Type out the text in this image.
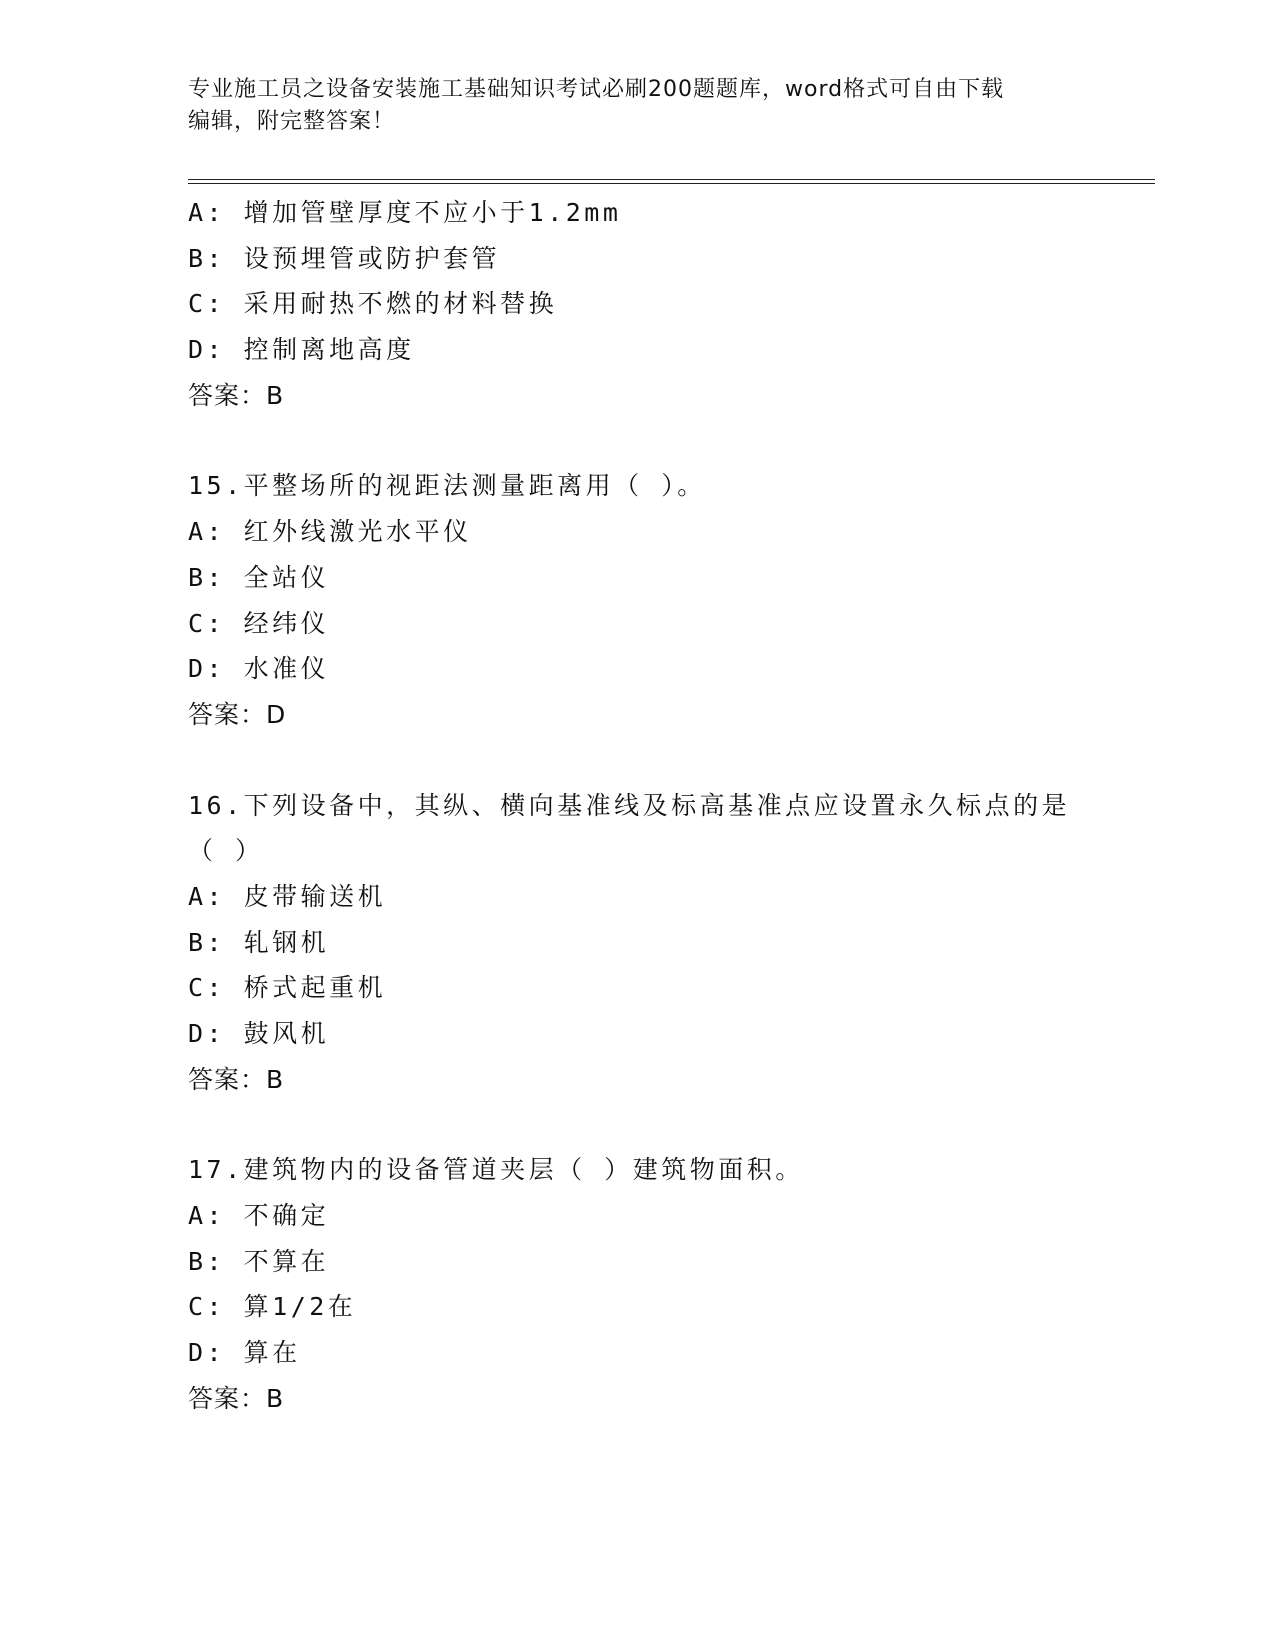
专业施工员之设备安装施工基础知识考试必刷200题题库，word格式可自由下载
编辑，附完整答案！
A: 增加管壁厚度不应小于1.2mm
B: 设预埋管或防护套管
C: 采用耐热不燃的材料替换
D: 控制离地高度
答案：B
15.平整场所的视距法测量距离用（ ）。
A: 红外线激光水平仪
B: 全站仪
C: 经纬仪
D: 水准仪
答案：D
16.下列设备中，其纵、横向基准线及标高基准点应设置永久标点的是
（ ）
A: 皮带输送机
B: 轧钢机
C: 桥式起重机
D: 鼓风机
答案：B
17.建筑物内的设备管道夹层（ ）建筑物面积。
A: 不确定
B: 不算在
C: 算1/2在
D: 算在
答案：B
